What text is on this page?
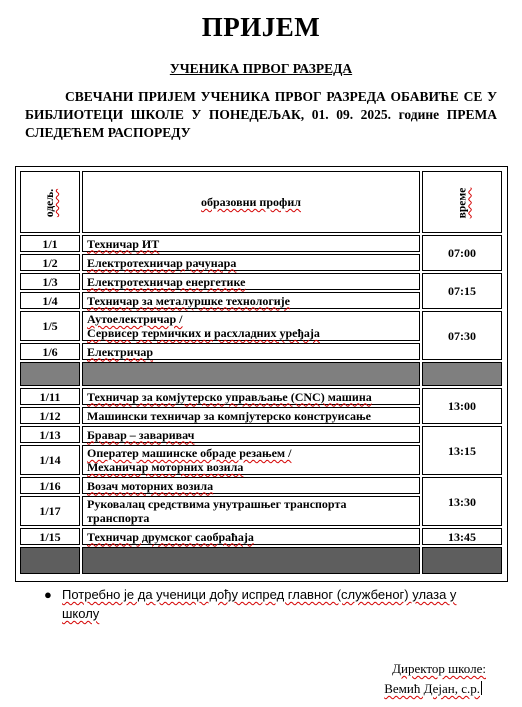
ПРИЈЕМ
УЧЕНИКА ПРВОГ РАЗРЕДА
СВЕЧАНИ ПРИЈЕМ УЧЕНИКА ПРВОГ РАЗРЕДА ОБАВИЋЕ СЕ У БИБЛИОТЕЦИ ШКОЛЕ У ПОНЕДЕЉАК, 01. 09. 2025. године ПРЕМА СЛЕДЕЋЕМ РАСПОРЕДУ
одељ.	образовни профил	време
1/1	Техничар ИТ	07:00
1/2	Електротехничар рачунара	
1/3	Електротехничар енергетике	07:15
1/4	Техничар за металуршке технологије	
1/5	Аутоелектричар /
Сервисер термичких и расхладних уређаја	07:30
1/6	Електричар	

1/11	Техничар за комјутерско управљање (CNC) машина	13:00
1/12	Машински техничар за компјутерско конструисање	
1/13	Бравар – заваривач	13:15
1/14	Оператер машинске обраде резањем /
Механичар моторних возила	
1/16	Возач моторних возила	13:30
1/17	Руковалац средствима унутрашњег транспорта
транспорта	
1/15	Техничар друмског саобраћаја	13:45

● Потребно је да ученици дођу испред главног (службеног) улаза у школу
Директор школе:
Вемић Дејан, с.р.
